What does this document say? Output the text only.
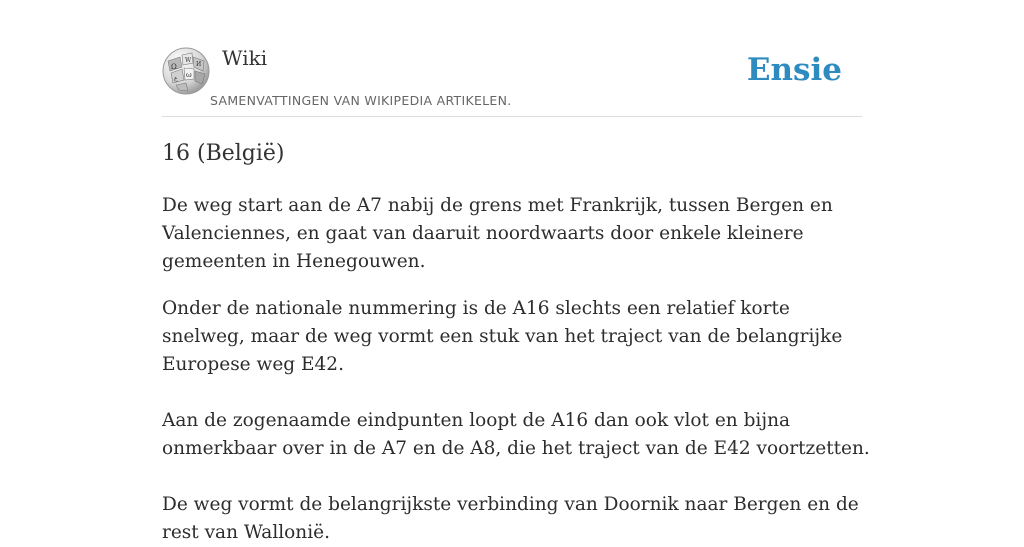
Ω
W
И
ω
ع
Wiki
SAMENVATTINGEN VAN WIKIPEDIA ARTIKELEN.
Ensie
16 (België)

De weg start aan de A7 nabij de grens met Frankrijk, tussen Bergen en Valenciennes, en gaat van daaruit noordwaarts door enkele kleinere gemeenten in Henegouwen.

Onder de nationale nummering is de A16 slechts een relatief korte snelweg, maar de weg vormt een stuk van het traject van de belangrijke Europese weg E42.

Aan de zogenaamde eindpunten loopt de A16 dan ook vlot en bijna onmerkbaar over in de A7 en de A8, die het traject van de E42 voortzetten.

De weg vormt de belangrijkste verbinding van Doornik naar Bergen en de rest van Wallonië.
